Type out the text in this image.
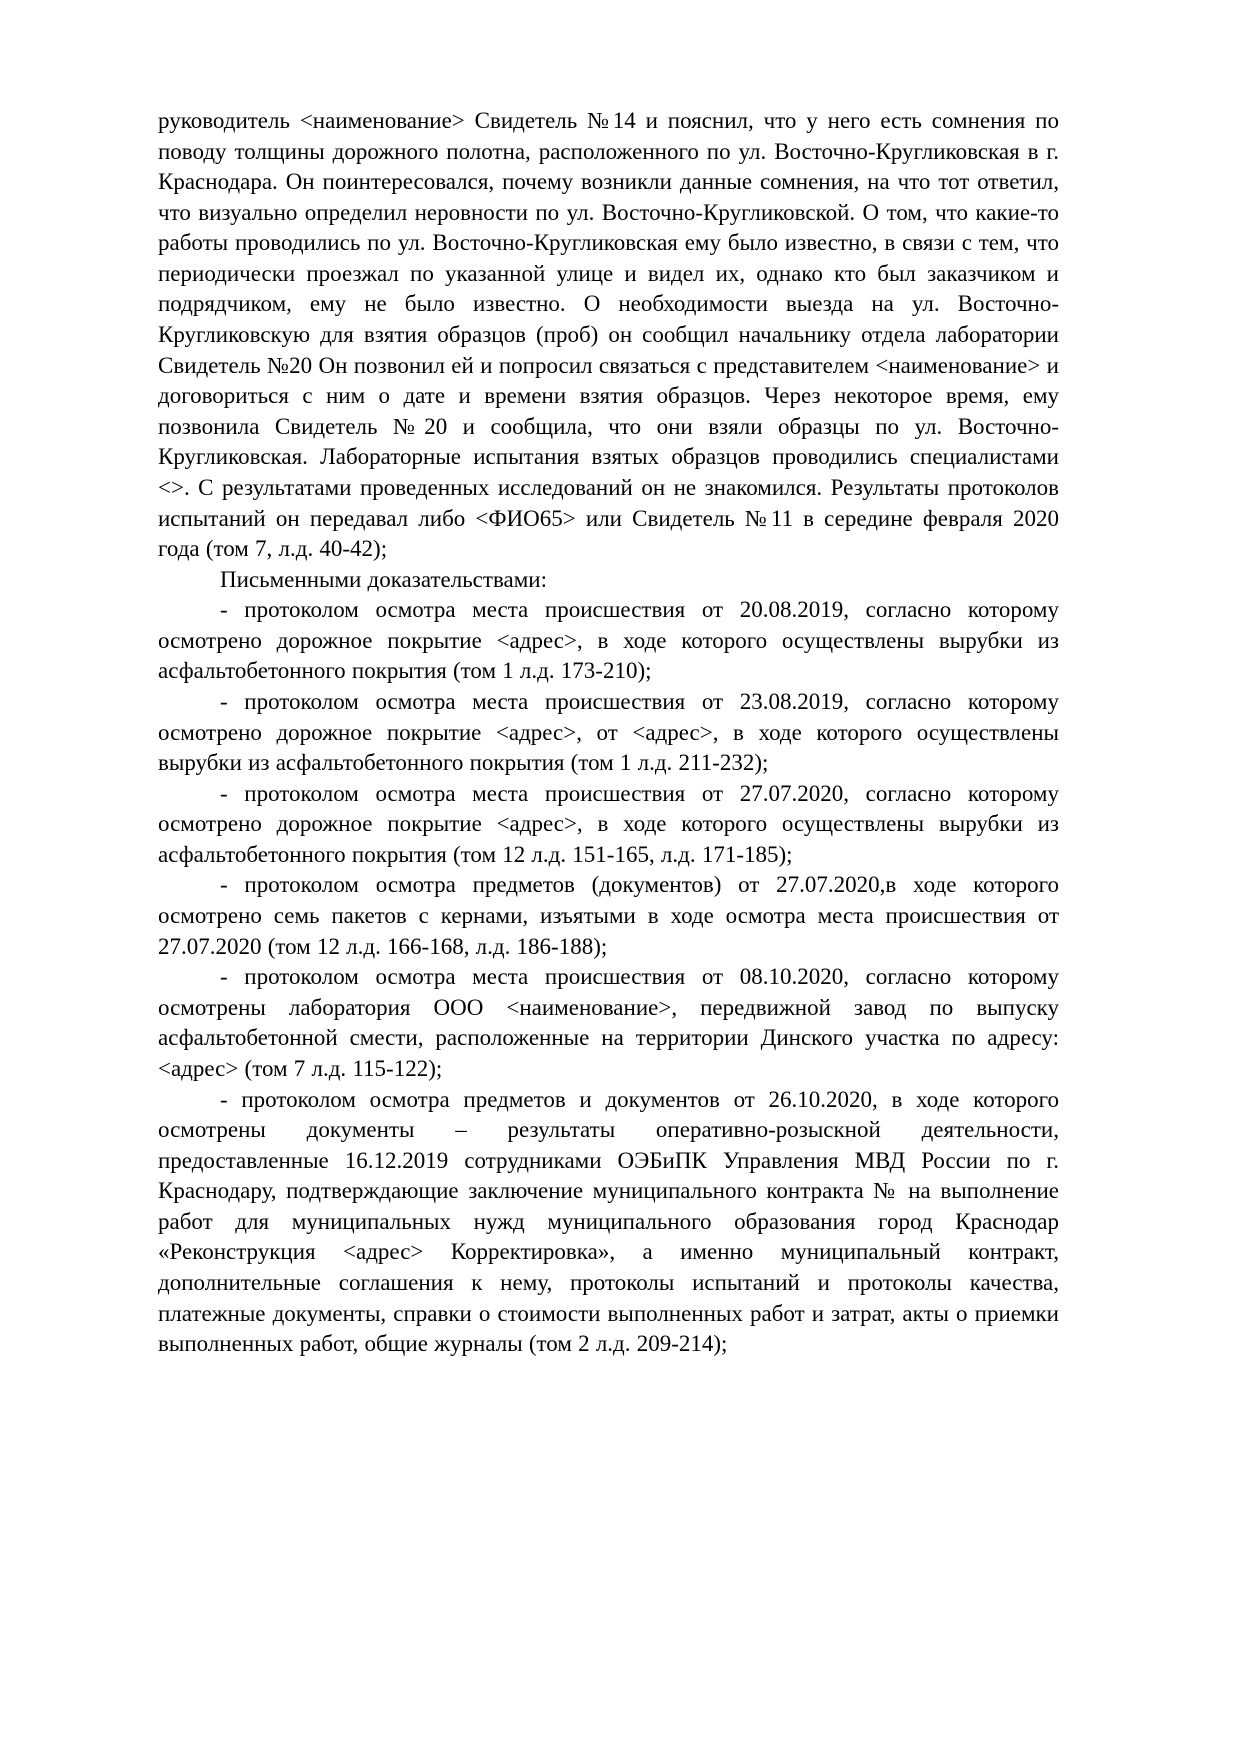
руководитель <наименование> Свидетель №14 и пояснил, что у него есть сомнения по поводу толщины дорожного полотна, расположенного по ул. Восточно-Кругликовская в г. Краснодара. Он поинтересовался, почему возникли данные сомнения, на что тот ответил, что визуально определил неровности по ул. Восточно-Кругликовской. О том, что какие-то работы проводились по ул. Восточно-Кругликовская ему было известно, в связи с тем, что периодически проезжал по указанной улице и видел их, однако кто был заказчиком и подрядчиком, ему не было известно. О необходимости выезда на ул. Восточно-Кругликовскую для взятия образцов (проб) он сообщил начальнику отдела лаборатории Свидетель №20 Он позвонил ей и попросил связаться с представителем <наименование> и договориться с ним о дате и времени взятия образцов. Через некоторое время, ему позвонила Свидетель №20 и сообщила, что они взяли образцы по ул. Восточно-Кругликовская. Лабораторные испытания взятых образцов проводились специалистами <>. С результатами проведенных исследований он не знакомился. Результаты протоколов испытаний он передавал либо <ФИО65> или Свидетель №11 в середине февраля 2020 года (том 7, л.д. 40-42);

Письменными доказательствами:

- протоколом осмотра места происшествия от 20.08.2019, согласно которому осмотрено дорожное покрытие <адрес>, в ходе которого осуществлены вырубки из асфальтобетонного покрытия (том 1 л.д. 173-210);

- протоколом осмотра места происшествия от 23.08.2019, согласно которому осмотрено дорожное покрытие <адрес>, от <адрес>, в ходе которого осуществлены вырубки из асфальтобетонного покрытия (том 1 л.д. 211-232);

- протоколом осмотра места происшествия от 27.07.2020, согласно которому осмотрено дорожное покрытие <адрес>, в ходе которого осуществлены вырубки из асфальтобетонного покрытия (том 12 л.д. 151-165, л.д. 171-185);

- протоколом осмотра предметов (документов) от 27.07.2020,в ходе которого осмотрено семь пакетов с кернами, изъятыми в ходе осмотра места происшествия от 27.07.2020 (том 12 л.д. 166-168, л.д. 186-188);

- протоколом осмотра места происшествия от 08.10.2020, согласно которому осмотрены лаборатория ООО <наименование>, передвижной завод по выпуску асфальтобетонной смести, расположенные на территории Динского участка по адресу: <адрес> (том 7 л.д. 115-122);

- протоколом осмотра предметов и документов от 26.10.2020, в ходе которого осмотрены документы – результаты оперативно-розыскной деятельности, предоставленные 16.12.2019 сотрудниками ОЭБиПК Управления МВД России по г. Краснодару, подтверждающие заключение муниципального контракта № на выполнение работ для муниципальных нужд муниципального образования город Краснодар «Реконструкция <адрес> Корректировка», а именно муниципальный контракт, дополнительные соглашения к нему, протоколы испытаний и протоколы качества, платежные документы, справки о стоимости выполненных работ и затрат, акты о приемки выполненных работ, общие журналы (том 2 л.д. 209-214);
